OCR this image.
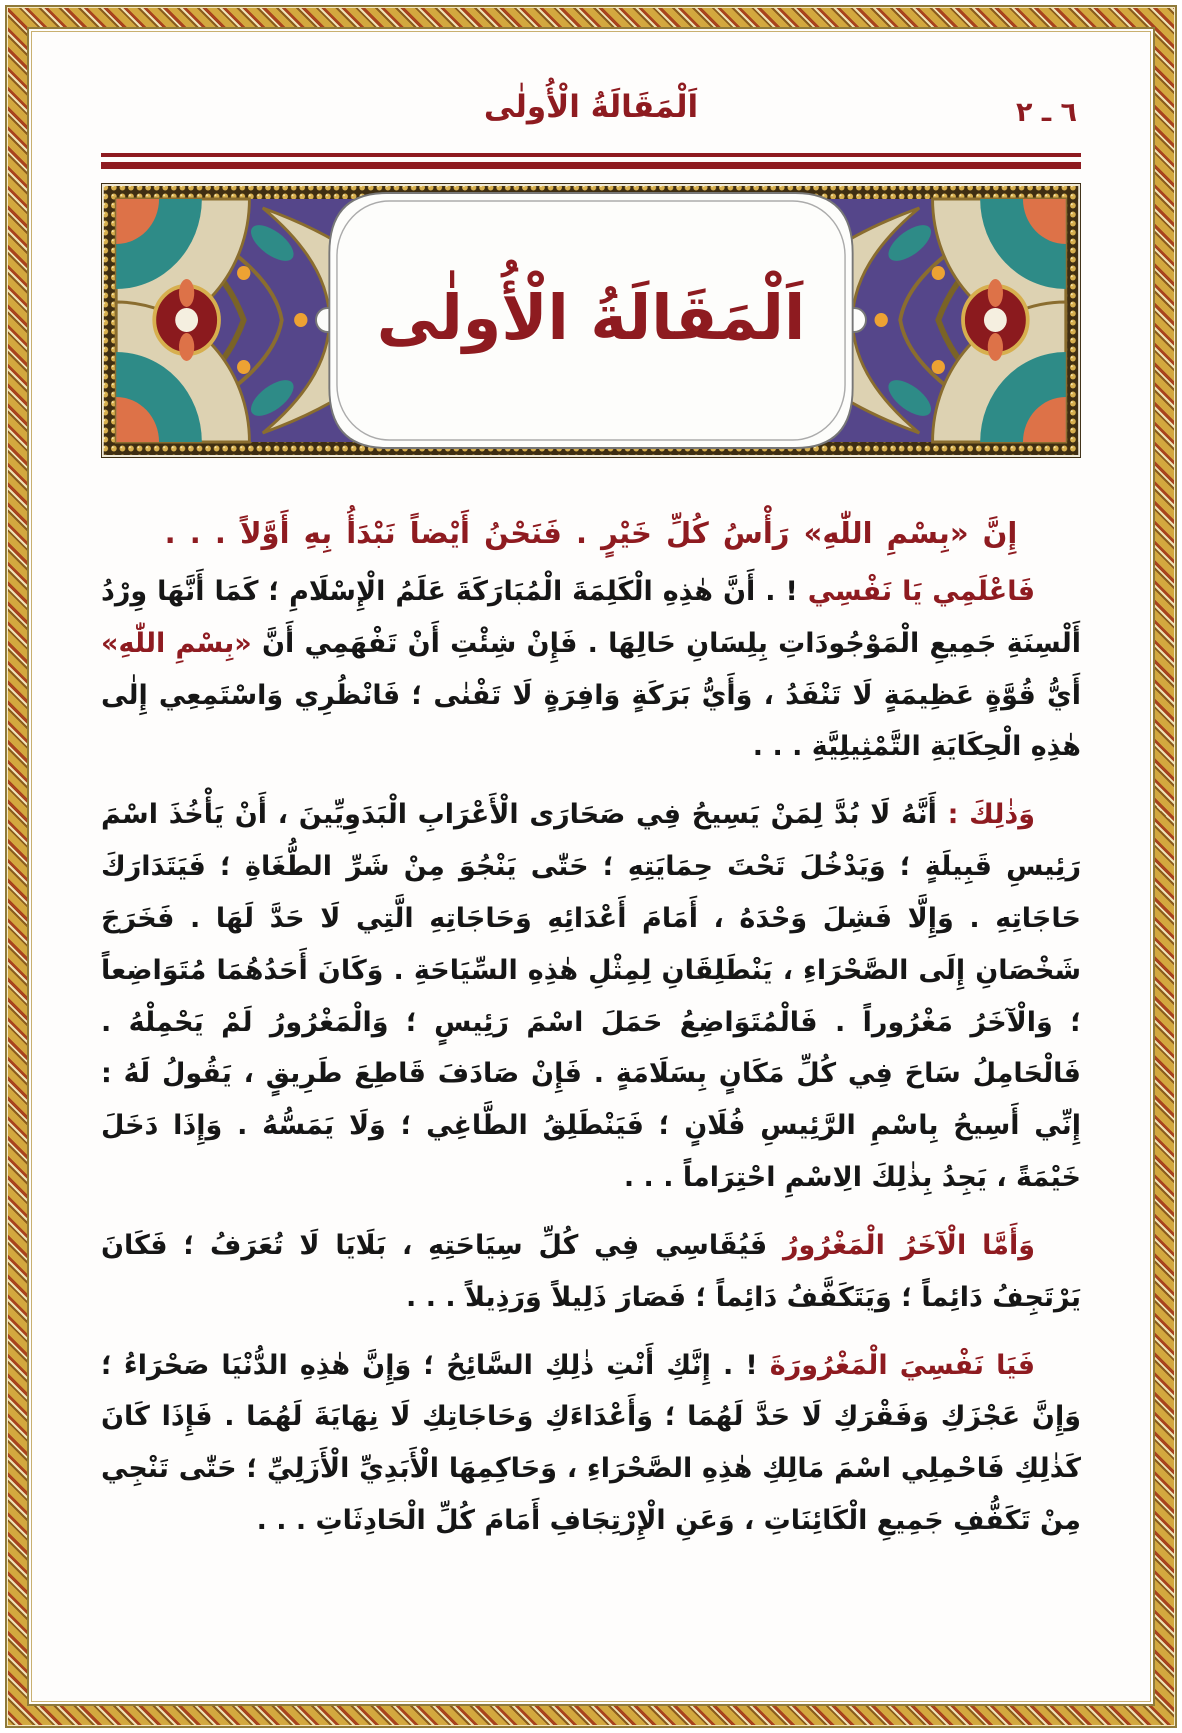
اَلْمَقَالَةُ الْأُولٰى	٢ ـ ٦
اَلْمَقَالَةُ الْأُولٰى
إِنَّ «بِسْمِ اللّٰهِ» رَأْسُ كُلِّ خَيْرٍ . فَنَحْنُ أَيْضاً نَبْدَأُ بِهِ أَوَّلاً . . .

فَاعْلَمِي يَا نَفْسِي ! . أَنَّ هٰذِهِ الْكَلِمَةَ الْمُبَارَكَةَ عَلَمُ الْإِسْلَامِ ؛ كَمَا أَنَّهَا وِرْدُ أَلْسِنَةِ جَمِيعِ الْمَوْجُودَاتِ بِلِسَانِ حَالِهَا . فَإِنْ شِئْتِ أَنْ تَفْهَمِي أَنَّ «بِسْمِ اللّٰهِ» أَيُّ قُوَّةٍ عَظِيمَةٍ لَا تَنْفَدُ ، وَأَيُّ بَرَكَةٍ وَافِرَةٍ لَا تَفْنٰى ؛ فَانْظُرِي وَاسْتَمِعِي إِلٰى هٰذِهِ الْحِكَايَةِ التَّمْثِيلِيَّةِ . . .

وَذٰلِكَ : أَنَّهُ لَا بُدَّ لِمَنْ يَسِيحُ فِي صَحَارَى الْأَعْرَابِ الْبَدَوِيِّينَ ، أَنْ يَأْخُذَ اسْمَ رَئِيسِ قَبِيلَةٍ ؛ وَيَدْخُلَ تَحْتَ حِمَايَتِهِ ؛ حَتّٰى يَنْجُوَ مِنْ شَرِّ الطُّغَاةِ ؛ فَيَتَدَارَكَ حَاجَاتِهِ . وَإِلَّا فَشِلَ وَحْدَهُ ، أَمَامَ أَعْدَائِهِ وَحَاجَاتِهِ الَّتِي لَا حَدَّ لَهَا . فَخَرَجَ شَخْصَانِ إِلَى الصَّحْرَاءِ ، يَنْطَلِقَانِ لِمِثْلِ هٰذِهِ السِّيَاحَةِ . وَكَانَ أَحَدُهُمَا مُتَوَاضِعاً ؛ وَالْآخَرُ مَغْرُوراً . فَالْمُتَوَاضِعُ حَمَلَ اسْمَ رَئِيسٍ ؛ وَالْمَغْرُورُ لَمْ يَحْمِلْهُ . فَالْحَامِلُ سَاحَ فِي كُلِّ مَكَانٍ بِسَلَامَةٍ . فَإِنْ صَادَفَ قَاطِعَ طَرِيقٍ ، يَقُولُ لَهُ : إِنِّي أَسِيحُ بِاسْمِ الرَّئِيسِ فُلَانٍ ؛ فَيَنْطَلِقُ الطَّاغِي ؛ وَلَا يَمَسُّهُ . وَإِذَا دَخَلَ خَيْمَةً ، يَجِدُ بِذٰلِكَ الِاسْمِ احْتِرَاماً . . .

وَأَمَّا الْآخَرُ الْمَغْرُورُ فَيُقَاسِي فِي كُلِّ سِيَاحَتِهِ ، بَلَايَا لَا تُعَرَفُ ؛ فَكَانَ يَرْتَجِفُ دَائِماً ؛ وَيَتَكَفَّفُ دَائِماً ؛ فَصَارَ ذَلِيلاً وَرَذِيلاً . . .

فَيَا نَفْسِيَ الْمَغْرُورَةَ ! . إِنَّكِ أَنْتِ ذٰلِكِ السَّائِحُ ؛ وَإِنَّ هٰذِهِ الدُّنْيَا صَحْرَاءُ ؛ وَإِنَّ عَجْزَكِ وَفَقْرَكِ لَا حَدَّ لَهُمَا ؛ وَأَعْدَاءَكِ وَحَاجَاتِكِ لَا نِهَايَةَ لَهُمَا . فَإِذَا كَانَ كَذٰلِكِ فَاحْمِلِي اسْمَ مَالِكِ هٰذِهِ الصَّحْرَاءِ ، وَحَاكِمِهَا الْأَبَدِيِّ الْأَزَلِيِّ ؛ حَتّٰى تَنْجِي مِنْ تَكَفُّفِ جَمِيعِ الْكَائِنَاتِ ، وَعَنِ الْإِرْتِجَافِ أَمَامَ كُلِّ الْحَادِثَاتِ . . .
